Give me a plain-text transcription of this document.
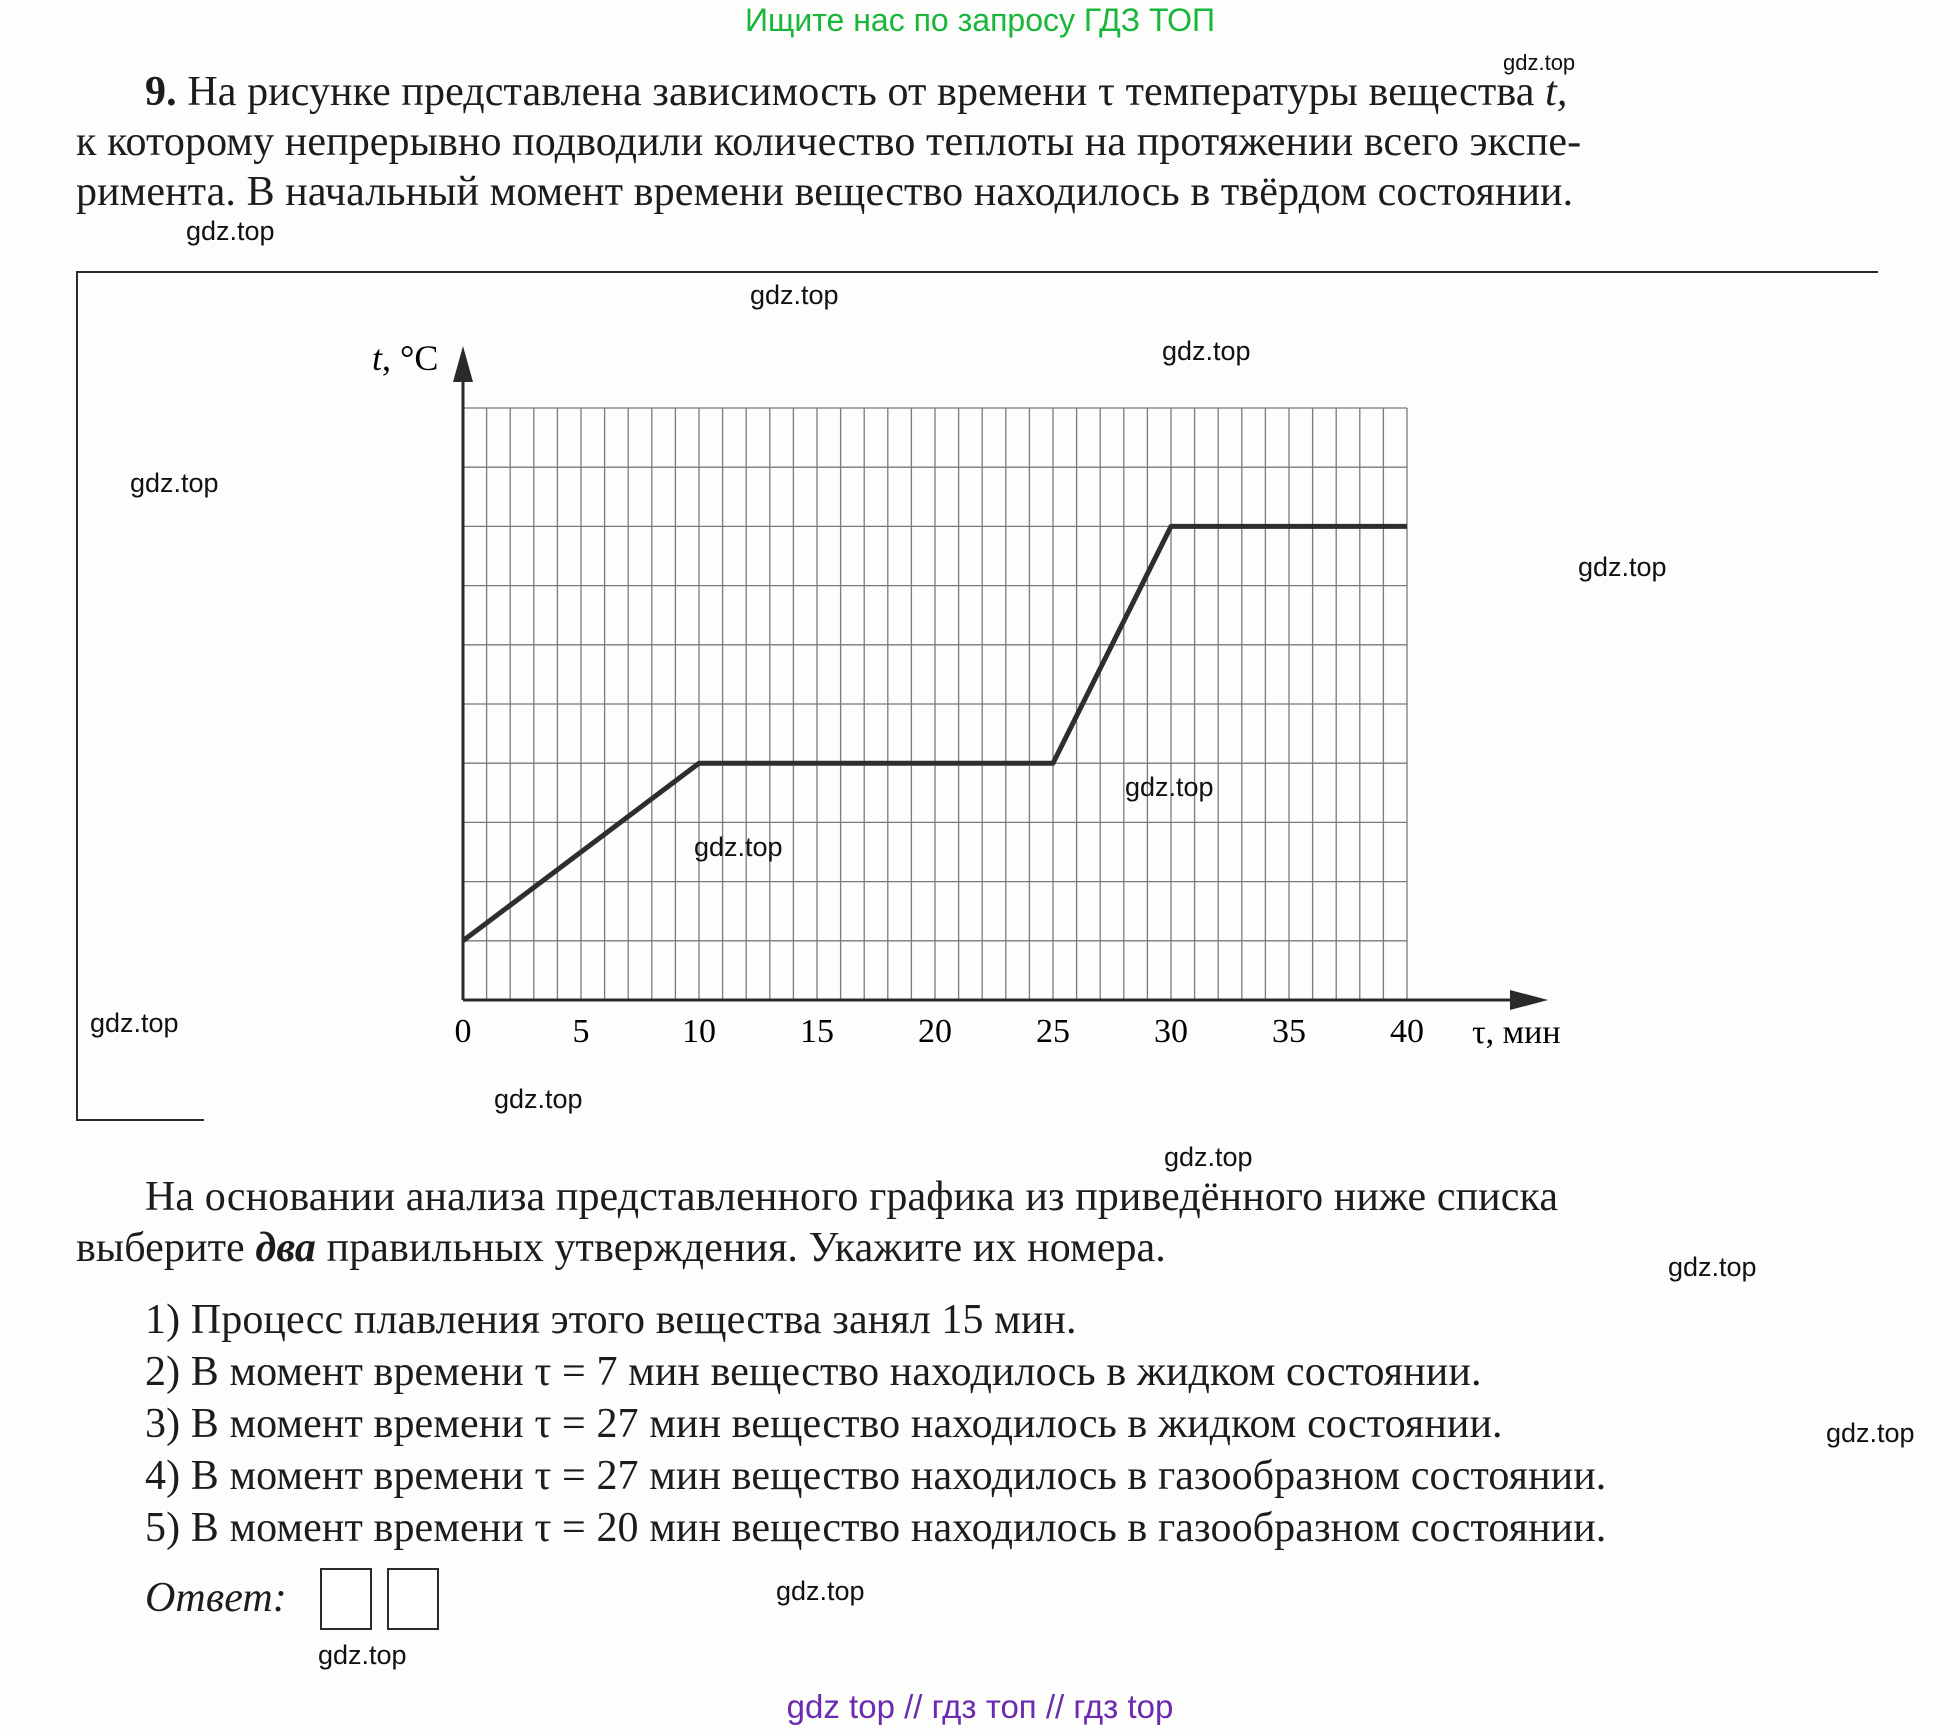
Ищите нас по запросу ГДЗ ТОП
9. На рисунке представлена зависимость от времени τ температуры вещества t,
к которому непрерывно подводили количество теплоты на протяжении всего экспе-
римента. В начальный момент времени вещество находилось в твёрдом состоянии.
0	5	10 15 20 25 30 35 40
t, °C
τ, мин
На основании анализа представленного графика из приведённого ниже списка
выберите два правильных утверждения. Укажите их номера.
1) Процесс плавления этого вещества занял 15 мин.
2) В момент времени τ = 7 мин вещество находилось в жидком состоянии.
3) В момент времени τ = 27 мин вещество находилось в жидком состоянии.
4) В момент времени τ = 27 мин вещество находилось в газообразном состоянии.
5) В момент времени τ = 20 мин вещество находилось в газообразном состоянии.
Ответ:
gdz.top
gdz.top
gdz.top
gdz.top
gdz.top
gdz.top
gdz.top
gdz.top
gdz.top
gdz.top
gdz.top
gdz.top
gdz.top
gdz.top
gdz.top
gdz top // гдз топ // гдз top
